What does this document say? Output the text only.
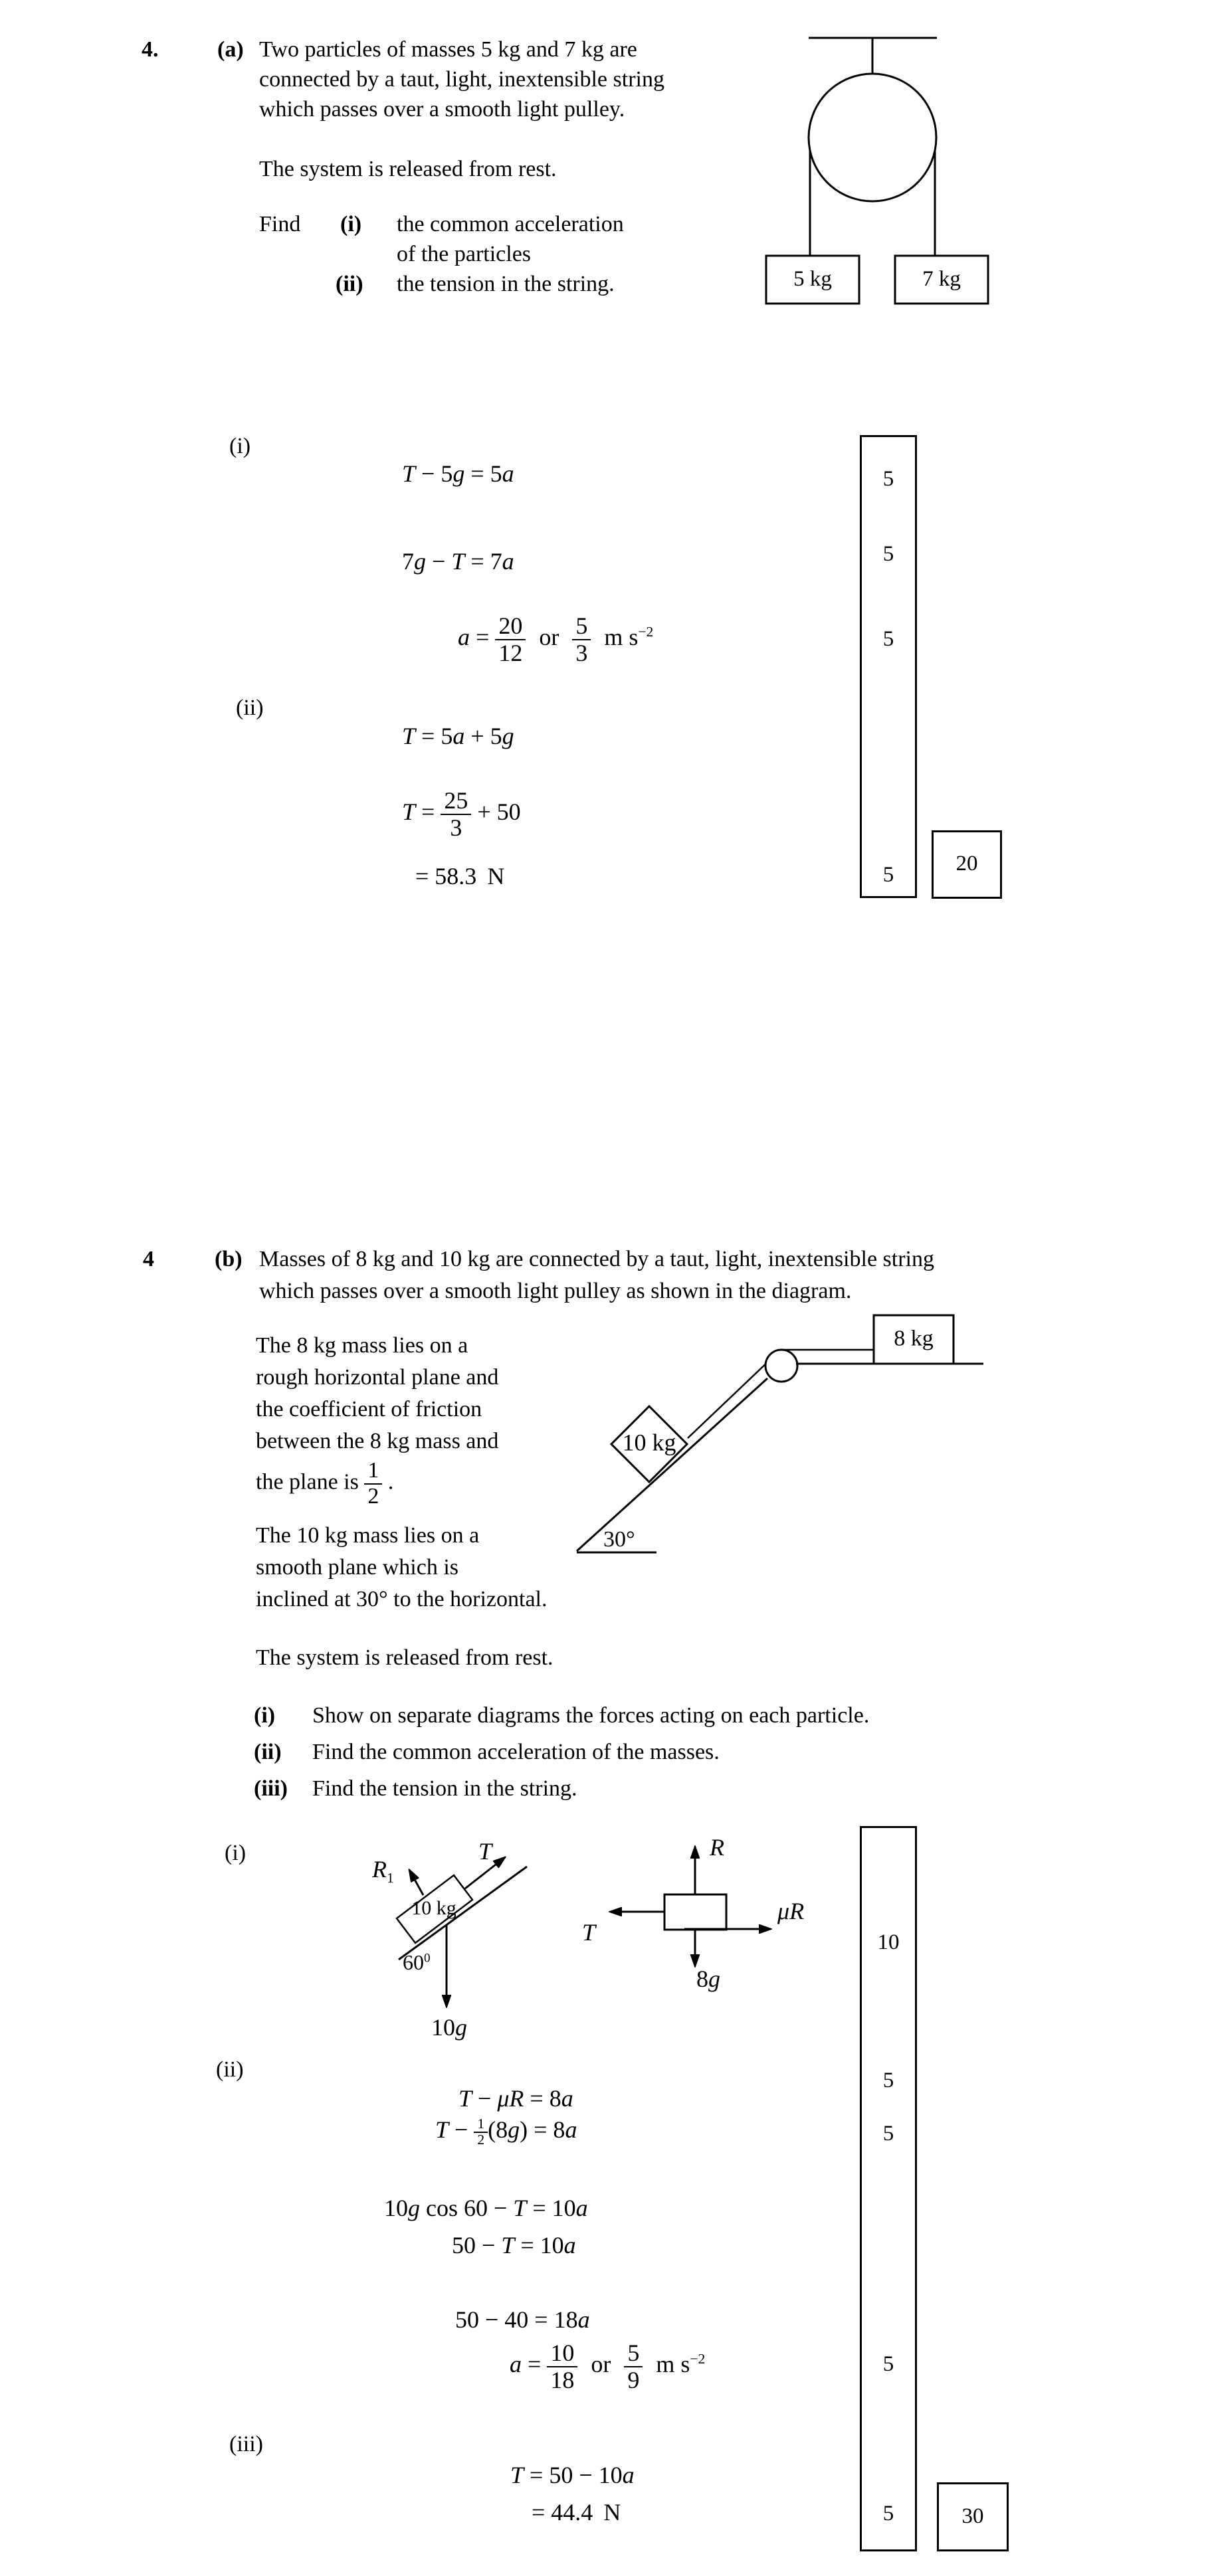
4.	(a) Two particles of masses 5 kg and 7 kg are
connected by a taut, light, inextensible string
which passes over a smooth light pulley.
The system is released from rest.
Find (i) the common acceleration
of the particles
(ii) the tension in the string.	5 kg	7 kg
(i)
T − 5g = 5a
7g − T = 7a
$a = \frac{20}{12}$ or $\frac{5}{3}$ m $s^{-2}$
(ii)
T = 5a + 5g
$T = \frac{25}{3} + 50$
= 58.3 N
5
5
5
5	20
4	(b) Masses of 8 kg and 10 kg are connected by a taut, light, inextensible string
which passes over a smooth light pulley as shown in the diagram.
The 8 kg mass lies on a
rough horizontal plane and
the coefficient of friction
between the 8 kg mass and
the plane is $\frac{1}{2}$ .
10 kg
8 kg
30°
The 10 kg mass lies on a
smooth plane which is
inclined at 30° to the horizontal.
The system is released from rest.
(i) Show on separate diagrams the forces acting on each particle.
(ii) Find the common acceleration of the masses.
(iii) Find the tension in the string.
(i)
$R_1$
T
10 kg
$60^0$
10g
R
T
μR
8g
(ii)
T − μR = 8a
$T - \frac{1}{2} (8g) = 8a$
10g cos 60 − T = 10a
50 − T = 10a
50 − 40 = 18a
$a = \frac{10}{18}$ or $\frac{5}{9}$ m $s^{-2}$
(iii)
T = 50 − 10a
= 44.4 N
10
5
5
5
5	30
